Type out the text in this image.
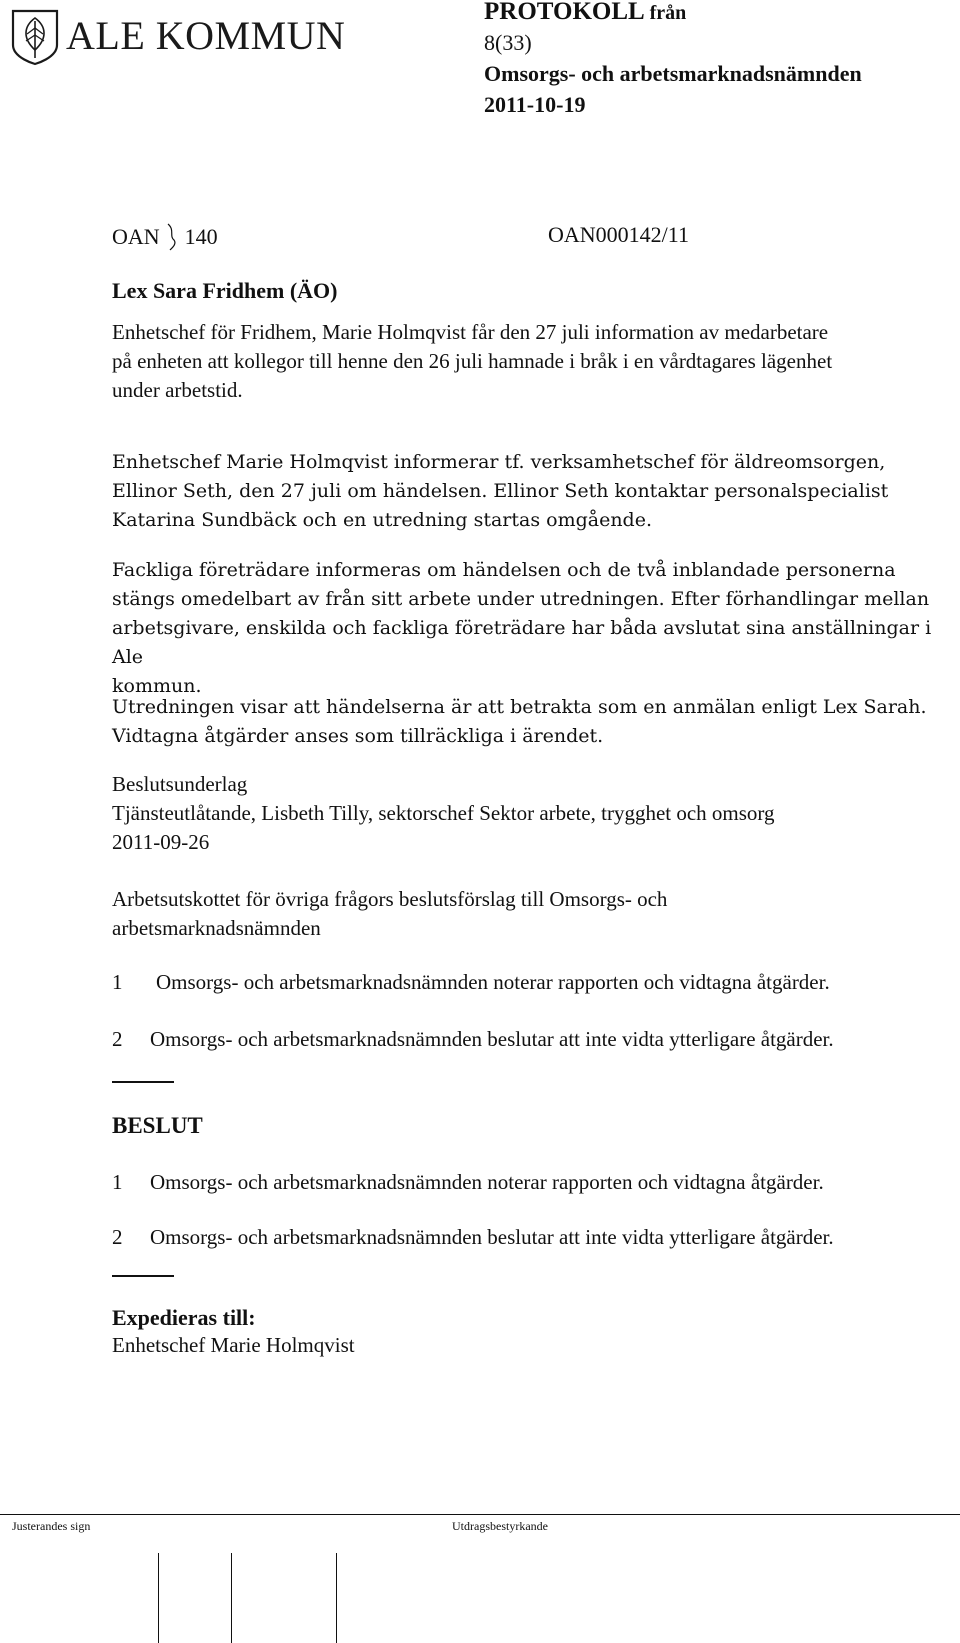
ALE KOMMUN
PROTOKOLL från
8(33)
Omsorgs- och arbetsmarknadsnämnden
2011-10-19
OAN 140	OAN000142/11
Lex Sara Fridhem (ÄO)
Enhetschef för Fridhem, Marie Holmqvist får den 27 juli information av medarbetare
på enheten att kollegor till henne den 26 juli hamnade i bråk i en vårdtagares lägenhet
under arbetstid.
Enhetschef Marie Holmqvist informerar tf. verksamhetschef för äldreomsorgen,
Ellinor Seth, den 27 juli om händelsen. Ellinor Seth kontaktar personalspecialist
Katarina Sundbäck och en utredning startas omgående.
Fackliga företrädare informeras om händelsen och de två inblandade personerna
stängs omedelbart av från sitt arbete under utredningen. Efter förhandlingar mellan
arbetsgivare, enskilda och fackliga företrädare har båda avslutat sina anställningar i Ale
kommun.
Utredningen visar att händelserna är att betrakta som en anmälan enligt Lex Sarah.
Vidtagna åtgärder anses som tillräckliga i ärendet.
Beslutsunderlag
Tjänsteutlåtande, Lisbeth Tilly, sektorschef Sektor arbete, trygghet och omsorg
2011-09-26
Arbetsutskottet för övriga frågors beslutsförslag till Omsorgs- och
arbetsmarknadsnämnden
1 Omsorgs- och arbetsmarknadsnämnden noterar rapporten och vidtagna åtgärder.
2 Omsorgs- och arbetsmarknadsnämnden beslutar att inte vidta ytterligare åtgärder.
BESLUT
1 Omsorgs- och arbetsmarknadsnämnden noterar rapporten och vidtagna åtgärder.
2 Omsorgs- och arbetsmarknadsnämnden beslutar att inte vidta ytterligare åtgärder.
Expedieras till:
Enhetschef Marie Holmqvist
Justerandes sign	Utdragsbestyrkande
